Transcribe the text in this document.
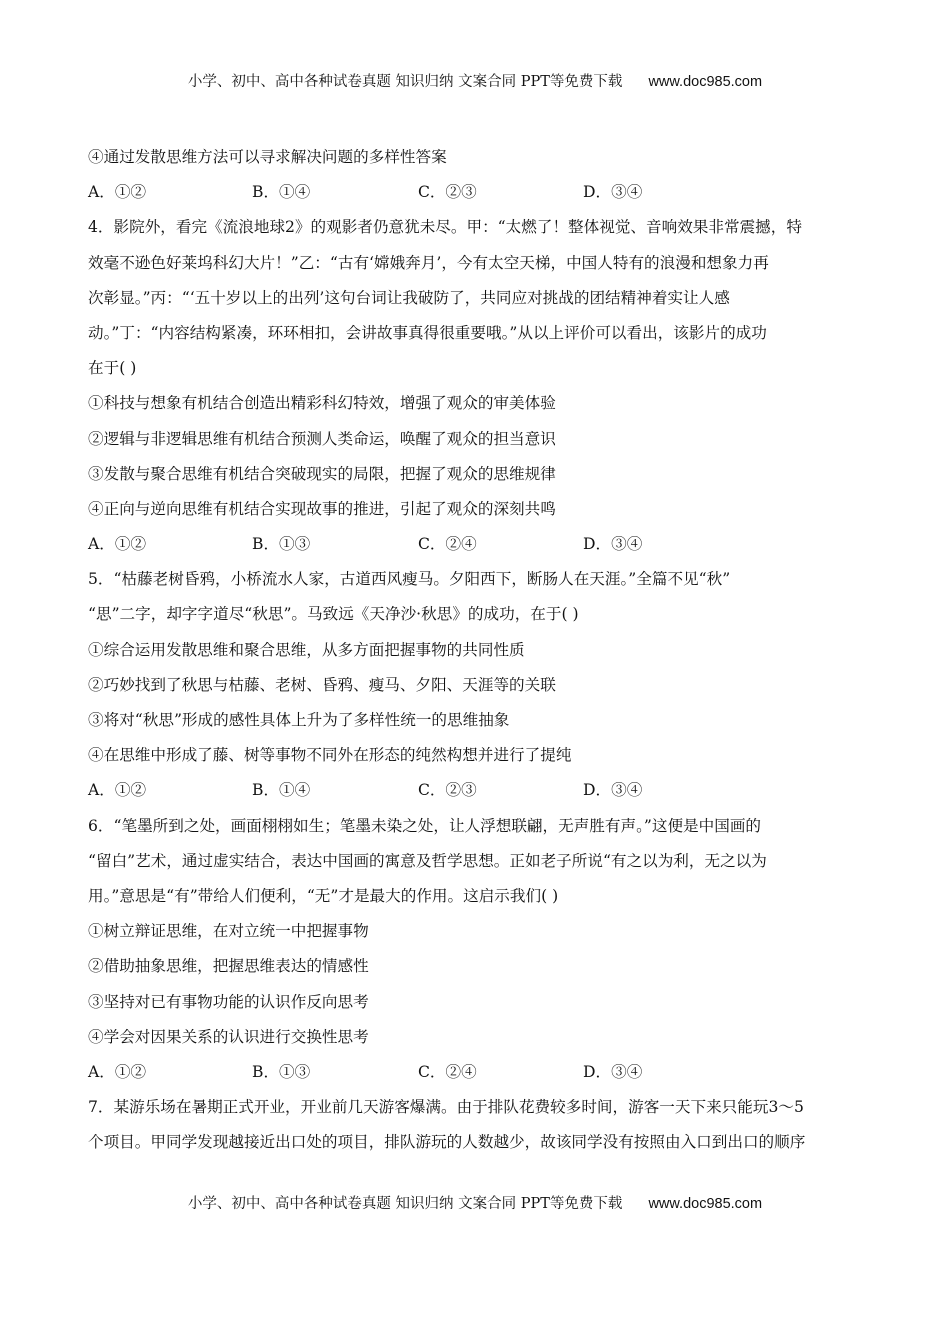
小学、初中、高中各种试卷真题 知识归纳 文案合同 PPT等免费下载 www.doc985.com
④通过发散思维方法可以寻求解决问题的多样性答案
A．①②	B．①④	C．②③	D．③④
4．影院外，看完《流浪地球2》的观影者仍意犹未尽。甲：“太燃了！整体视觉、音响效果非常震撼，特
效毫不逊色好莱坞科幻大片！”乙：“古有‘嫦娥奔月’，今有太空天梯，中国人特有的浪漫和想象力再
次彰显。”丙：“‘五十岁以上的出列’这句台词让我破防了，共同应对挑战的团结精神着实让人感
动。”丁：“内容结构紧凑，环环相扣，会讲故事真得很重要哦。”从以上评价可以看出，该影片的成功
在于( )
①科技与想象有机结合创造出精彩科幻特效，增强了观众的审美体验
②逻辑与非逻辑思维有机结合预测人类命运，唤醒了观众的担当意识
③发散与聚合思维有机结合突破现实的局限，把握了观众的思维规律
④正向与逆向思维有机结合实现故事的推进，引起了观众的深刻共鸣
A．①②	B．①③	C．②④	D．③④
5．“枯藤老树昏鸦，小桥流水人家，古道西风瘦马。夕阳西下，断肠人在天涯。”全篇不见“秋”
“思”二字，却字字道尽“秋思”。马致远《天净沙·秋思》的成功，在于( )
①综合运用发散思维和聚合思维，从多方面把握事物的共同性质
②巧妙找到了秋思与枯藤、老树、昏鸦、瘦马、夕阳、天涯等的关联
③将对“秋思”形成的感性具体上升为了多样性统一的思维抽象
④在思维中形成了藤、树等事物不同外在形态的纯然构想并进行了提纯
A．①②	B．①④	C．②③	D．③④
6．“笔墨所到之处，画面栩栩如生；笔墨未染之处，让人浮想联翩，无声胜有声。”这便是中国画的
“留白”艺术，通过虚实结合，表达中国画的寓意及哲学思想。正如老子所说“有之以为利，无之以为
用。”意思是“有”带给人们便利，“无”才是最大的作用。这启示我们( )
①树立辩证思维，在对立统一中把握事物
②借助抽象思维，把握思维表达的情感性
③坚持对已有事物功能的认识作反向思考
④学会对因果关系的认识进行交换性思考
A．①②	B．①③	C．②④	D．③④
7．某游乐场在暑期正式开业，开业前几天游客爆满。由于排队花费较多时间，游客一天下来只能玩3～5
个项目。甲同学发现越接近出口处的项目，排队游玩的人数越少，故该同学没有按照由入口到出口的顺序
小学、初中、高中各种试卷真题 知识归纳 文案合同 PPT等免费下载 www.doc985.com
